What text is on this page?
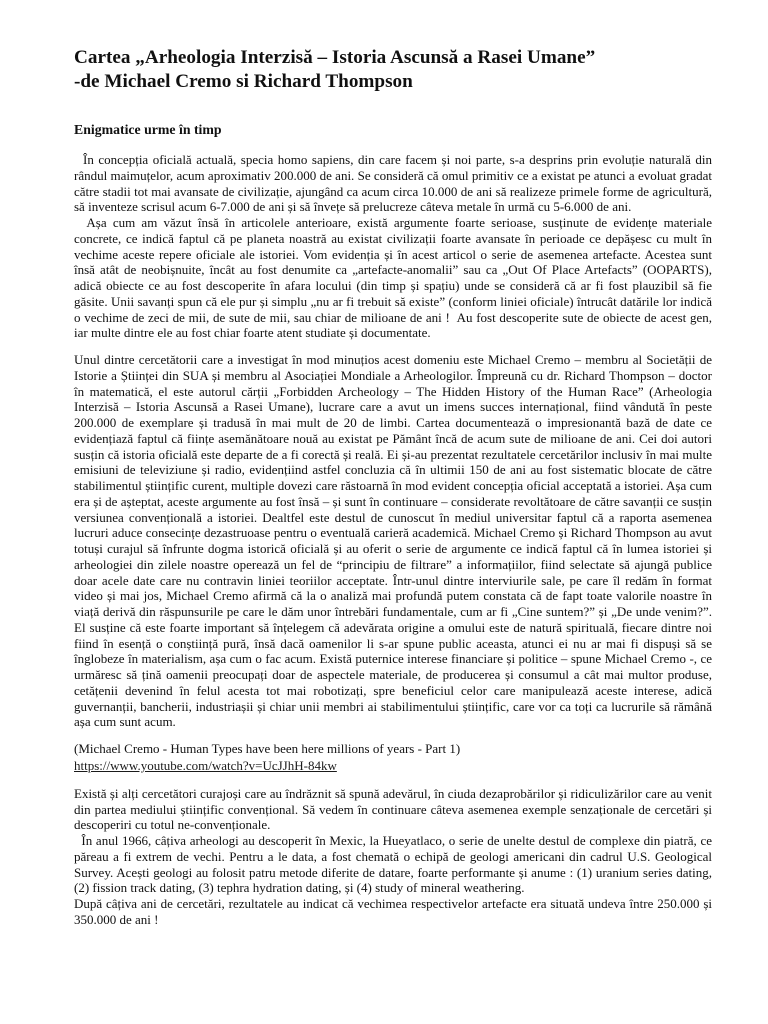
Cartea „Arheologia Interzisă – Istoria Ascunsă a Rasei Umane”
-de Michael Cremo si Richard Thompson
Enigmatice urme în timp

În concepția oficială actuală, specia homo sapiens, din care facem și noi parte, s-a desprins prin evoluție naturală din rândul maimuțelor, acum aproximativ 200.000 de ani. Se consideră că omul primitiv ce a existat pe atunci a evoluat gradat către stadii tot mai avansate de civilizație, ajungând ca acum circa 10.000 de ani să realizeze primele forme de agricultură, să inventeze scrisul acum 6-7.000 de ani și să învețe să prelucreze câteva metale în urmă cu 5-6.000 de ani.

Așa cum am văzut însă în articolele anterioare, există argumente foarte serioase, susținute de evidențe materiale concrete, ce indică faptul că pe planeta noastră au existat civilizații foarte avansate în perioade ce depășesc cu mult în vechime aceste repere oficiale ale istoriei. Vom evidenția și în acest articol o serie de asemenea artefacte. Acestea sunt însă atât de neobișnuite, încât au fost denumite ca „artefacte-anomalii” sau ca „Out Of Place Artefacts” (OOPARTS), adică obiecte ce au fost descoperite în afara locului (din timp și spațiu) unde se consideră că ar fi fost plauzibil să fie găsite. Unii savanți spun că ele pur și simplu „nu ar fi trebuit să existe” (conform liniei oficiale) întrucât datările lor indică o vechime de zeci de mii, de sute de mii, sau chiar de milioane de ani !  Au fost descoperite sute de obiecte de acest gen, iar multe dintre ele au fost chiar foarte atent studiate și documentate.

Unul dintre cercetătorii care a investigat în mod minuțios acest domeniu este Michael Cremo – membru al Societății de Istorie a Științei din SUA și membru al Asociației Mondiale a Arheologilor. Împreună cu dr. Richard Thompson – doctor în matematică, el este autorul cărții „Forbidden Archeology – The Hidden History of the Human Race” (Arheologia Interzisă – Istoria Ascunsă a Rasei Umane), lucrare care a avut un imens succes internațional, fiind vândută în peste 200.000 de exemplare și tradusă în mai mult de 20 de limbi. Cartea documentează o impresionantă bază de date ce evidențiază faptul că ființe asemănătoare nouă au existat pe Pământ încă de acum sute de milioane de ani. Cei doi autori susțin că istoria oficială este departe de a fi corectă și reală. Ei și-au prezentat rezultatele cercetărilor inclusiv în mai multe emisiuni de televiziune și radio, evidențiind astfel concluzia că în ultimii 150 de ani au fost sistematic blocate de către stabilimentul științific curent, multiple dovezi care răstoarnă în mod evident concepția oficial acceptată a istoriei. Așa cum era și de așteptat, aceste argumente au fost însă – și sunt în continuare – considerate revoltătoare de către savanții ce susțin versiunea convențională a istoriei. Dealtfel este destul de cunoscut în mediul universitar faptul că a raporta asemenea lucruri aduce consecințe dezastruoase pentru o eventuală carieră academică. Michael Cremo și Richard Thompson au avut totuși curajul să înfrunte dogma istorică oficială și au oferit o serie de argumente ce indică faptul că în lumea istoriei și arheologiei din zilele noastre operează un fel de “principiu de filtrare” a informațiilor, fiind selectate să ajungă publice doar acele date care nu contravin liniei teoriilor acceptate. Într-unul dintre interviurile sale, pe care îl redăm în format video și mai jos, Michael Cremo afirmă că la o analiză mai profundă putem constata că de fapt toate valorile noastre în viață derivă din răspunsurile pe care le dăm unor întrebări fundamentale, cum ar fi „Cine suntem?” și „De unde venim?”. El susține că este foarte important să înțelegem că adevărata origine a omului este de natură spirituală, fiecare dintre noi fiind în esență o conștiință pură, însă dacă oamenilor li s-ar spune public aceasta, atunci ei nu ar mai fi dispuși să se înglobeze în materialism, așa cum o fac acum. Există puternice interese financiare și politice – spune Michael Cremo -, ce urmăresc să țină oamenii preocupați doar de aspectele materiale, de producerea și consumul a cât mai multor produse, cetățenii devenind în felul acesta tot mai robotizați, spre beneficiul celor care manipulează aceste interese, adică guvernanții, bancherii, industriașii și chiar unii membri ai stabilimentului științific, care vor ca toți ca lucrurile să rămână așa cum sunt acum.

(Michael Cremo - Human Types have been here millions of years - Part 1)

https://www.youtube.com/watch?v=UcJJhH-84kw

Există și alți cercetători curajoși care au îndrăznit să spună adevărul, în ciuda dezaprobărilor și ridiculizărilor care au venit din partea mediului științific convențional. Să vedem în continuare câteva asemenea exemple senzaționale de cercetări și descoperiri cu totul ne-convenționale.

În anul 1966, câțiva arheologi au descoperit în Mexic, la Hueyatlaco, o serie de unelte destul de complexe din piatră, ce păreau a fi extrem de vechi. Pentru a le data, a fost chemată o echipă de geologi americani din cadrul U.S. Geological Survey. Acești geologi au folosit patru metode diferite de datare, foarte performante și anume : (1) uranium series dating, (2) fission track dating, (3) tephra hydration dating, și (4) study of mineral weathering.

După câțiva ani de cercetări, rezultatele au indicat că vechimea respectivelor artefacte era situată undeva între 250.000 și 350.000 de ani !
